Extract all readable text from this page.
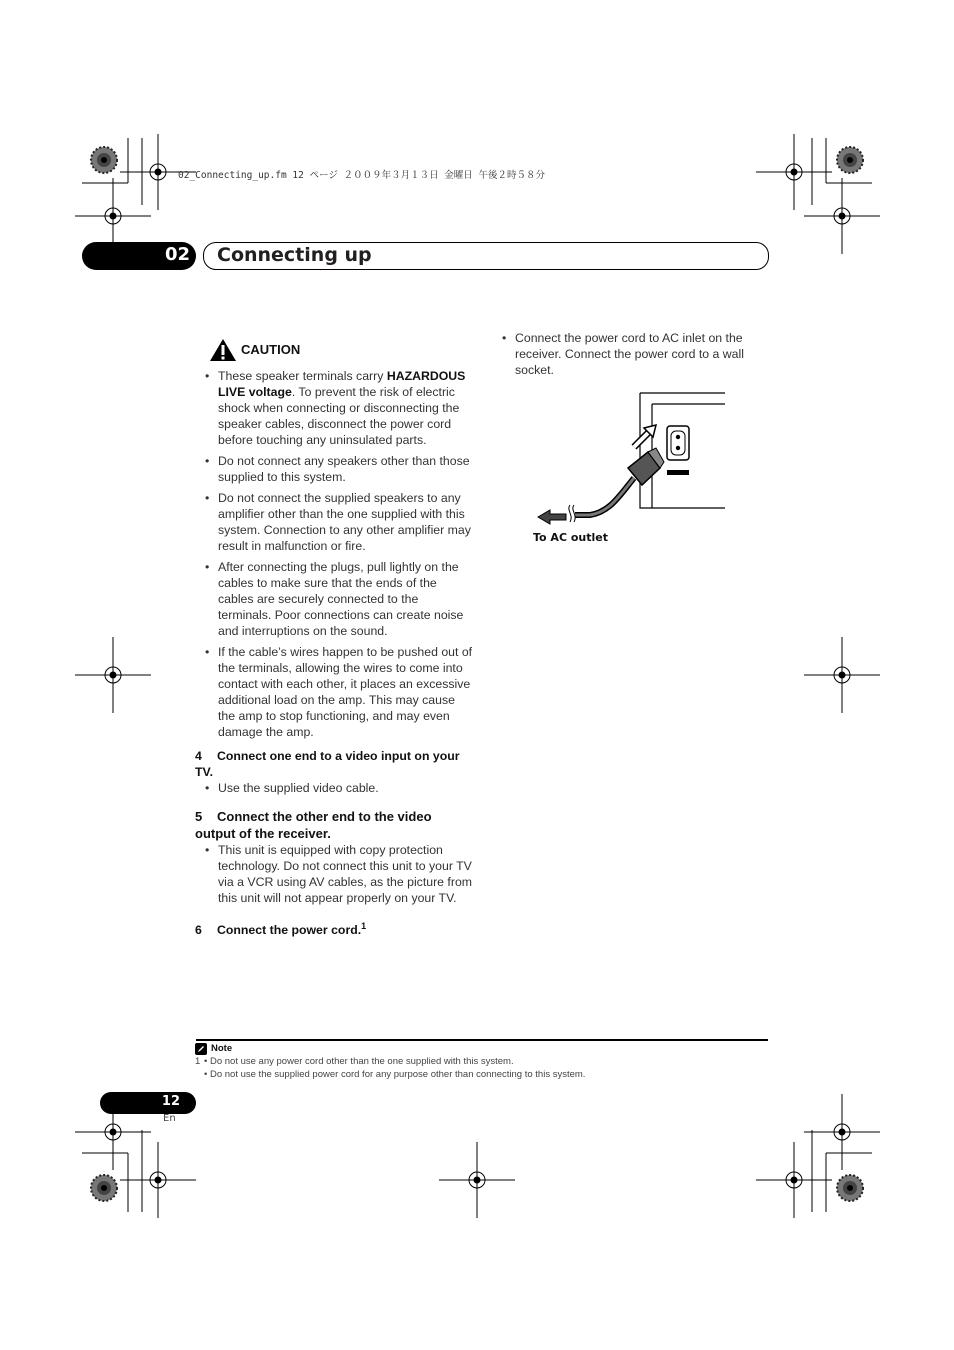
02_Connecting_up.fm 12 ページ ２００９年３月１３日 金曜日 午後２時５８分
02 Connecting up
CAUTION
• These speaker terminals carry HAZARDOUS LIVE voltage. To prevent the risk of electric shock when connecting or disconnecting the speaker cables, disconnect the power cord before touching any uninsulated parts.
• Do not connect any speakers other than those supplied to this system.
• Do not connect the supplied speakers to any amplifier other than the one supplied with this system. Connection to any other amplifier may result in malfunction or fire.
• After connecting the plugs, pull lightly on the cables to make sure that the ends of the cables are securely connected to the terminals. Poor connections can create noise and interruptions on the sound.
• If the cable’s wires happen to be pushed out of the terminals, allowing the wires to come into contact with each other, it places an excessive additional load on the amp. This may cause the amp to stop functioning, and may even damage the amp.
4 Connect one end to a video input on your TV.
• Use the supplied video cable.
5 Connect the other end to the video output of the receiver.
• This unit is equipped with copy protection technology. Do not connect this unit to your TV via a VCR using AV cables, as the picture from this unit will not appear properly on your TV.
6 Connect the power cord.$^1$
• Connect the power cord to AC inlet on the receiver. Connect the power cord to a wall socket.
To AC outlet
Note
1 • Do not use any power cord other than the one supplied with this system.
• Do not use the supplied power cord for any purpose other than connecting to this system.
12
En
